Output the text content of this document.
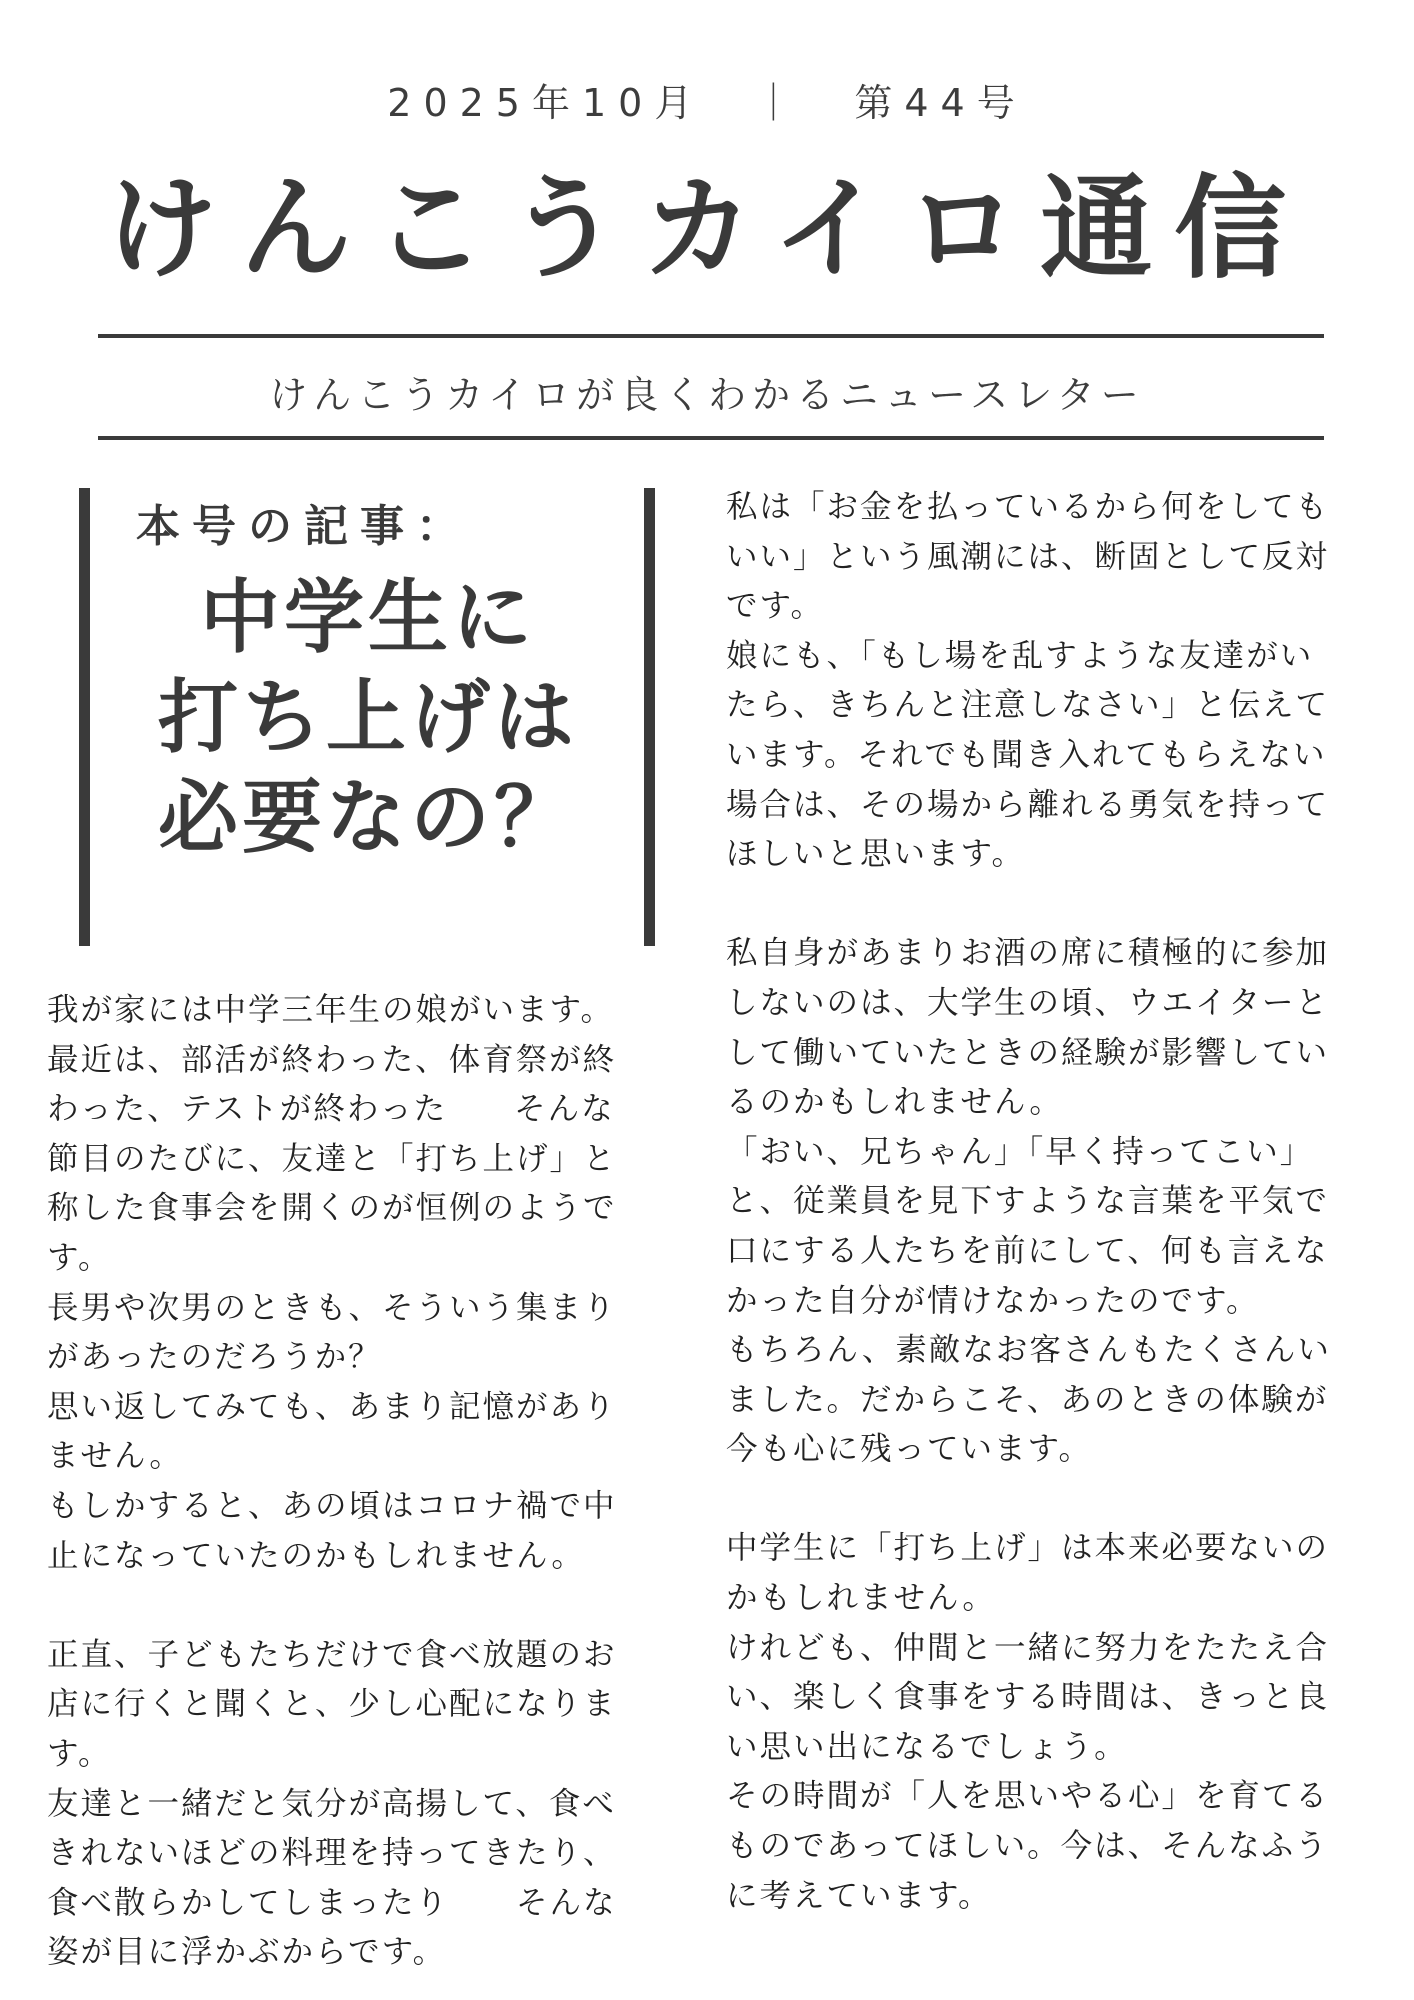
2025年10月　｜　第44号
けんこうカイロ通信
けんこうカイロが良くわかるニュースレター
本号の記事：
中学生に
打ち上げは
必要なの？
我が家には中学三年生の娘がいます。
最近は、部活が終わった、体育祭が終
わった、テストが終わった　　そんな
節目のたびに、友達と「打ち上げ」と
称した食事会を開くのが恒例のようで
す。
長男や次男のときも、そういう集まり
があったのだろうか？
思い返してみても、あまり記憶があり
ません。
もしかすると、あの頃はコロナ禍で中
止になっていたのかもしれません。
正直、子どもたちだけで食べ放題のお
店に行くと聞くと、少し心配になりま
す。
友達と一緒だと気分が高揚して、食べ
きれないほどの料理を持ってきたり、
食べ散らかしてしまったり　　そんな
姿が目に浮かぶからです。
私は「お金を払っているから何をしても
いい」という風潮には、断固として反対
です。
娘にも、「もし場を乱すような友達がい
たら、きちんと注意しなさい」と伝えて
います。それでも聞き入れてもらえない
場合は、その場から離れる勇気を持って
ほしいと思います。
私自身があまりお酒の席に積極的に参加
しないのは、大学生の頃、ウエイターと
して働いていたときの経験が影響してい
るのかもしれません。
「おい、兄ちゃん」「早く持ってこい」
と、従業員を見下すような言葉を平気で
口にする人たちを前にして、何も言えな
かった自分が情けなかったのです。
もちろん、素敵なお客さんもたくさんい
ました。だからこそ、あのときの体験が
今も心に残っています。
中学生に「打ち上げ」は本来必要ないの
かもしれません。
けれども、仲間と一緒に努力をたたえ合
い、楽しく食事をする時間は、きっと良
い思い出になるでしょう。
その時間が「人を思いやる心」を育てる
ものであってほしい。今は、そんなふう
に考えています。
